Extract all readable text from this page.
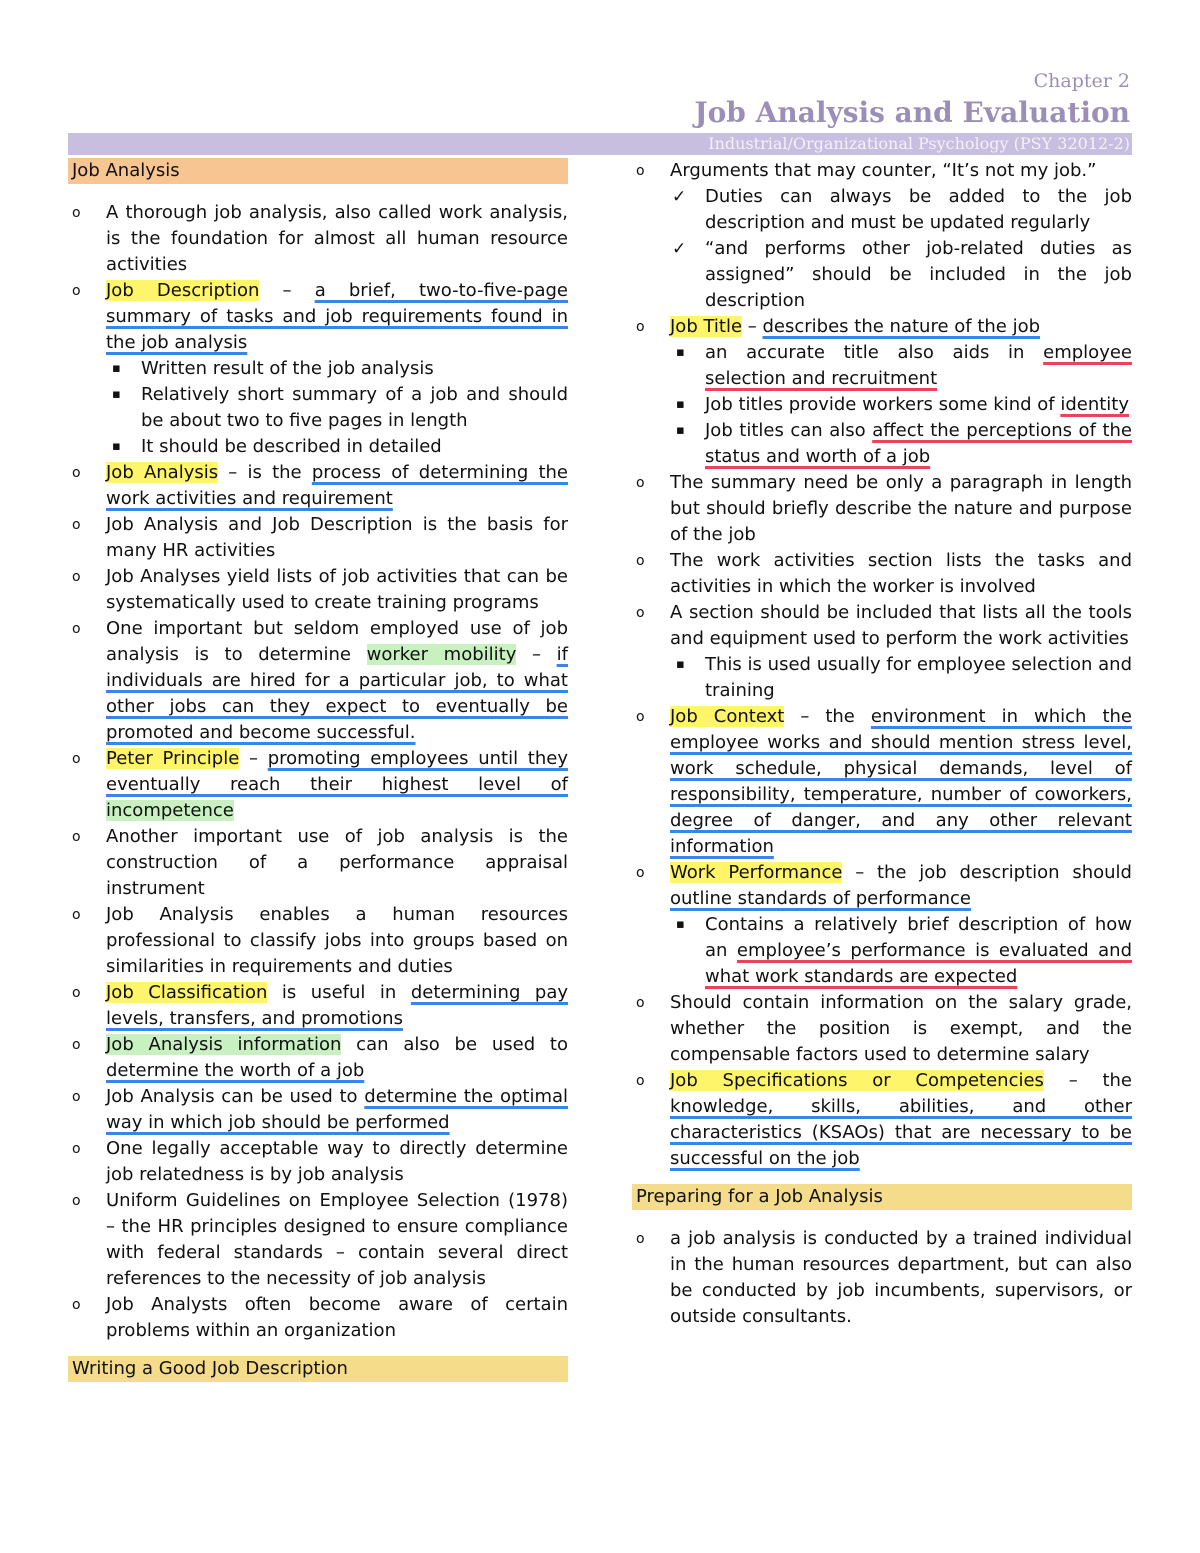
Chapter 2
Job Analysis and Evaluation
Industrial/Organizational Psychology (PSY 32012-2)
Job Analysis
o A thorough job analysis, also called work analysis, is the foundation for almost all human resource activities
o Job Description – a brief, two-to-five-page summary of tasks and job requirements found in the job analysis
▪ Written result of the job analysis
▪ Relatively short summary of a job and should be about two to five pages in length
▪ It should be described in detailed
o Job Analysis – is the process of determining the work activities and requirement
o Job Analysis and Job Description is the basis for many HR activities
o Job Analyses yield lists of job activities that can be systematically used to create training programs
o One important but seldom employed use of job analysis is to determine worker mobility – if individuals are hired for a particular job, to what other jobs can they expect to eventually be promoted and become successful.
o Peter Principle – promoting employees until they eventually reach their highest level of incompetence
o Another important use of job analysis is the construction of a performance appraisal instrument
o Job Analysis enables a human resources professional to classify jobs into groups based on similarities in requirements and duties
o Job Classification is useful in determining pay levels, transfers, and promotions
o Job Analysis information can also be used to determine the worth of a job
o Job Analysis can be used to determine the optimal way in which job should be performed
o One legally acceptable way to directly determine job relatedness is by job analysis
o Uniform Guidelines on Employee Selection (1978) – the HR principles designed to ensure compliance with federal standards – contain several direct references to the necessity of job analysis
o Job Analysts often become aware of certain problems within an organization
Writing a Good Job Description
o Arguments that may counter, “It’s not my job.”
✓ Duties can always be added to the job description and must be updated regularly
✓ “and performs other job-related duties as assigned” should be included in the job description
o Job Title – describes the nature of the job
▪ an accurate title also aids in employee selection and recruitment
▪ Job titles provide workers some kind of identity
▪ Job titles can also affect the perceptions of the status and worth of a job
o The summary need be only a paragraph in length but should briefly describe the nature and purpose of the job
o The work activities section lists the tasks and activities in which the worker is involved
o A section should be included that lists all the tools and equipment used to perform the work activities
▪ This is used usually for employee selection and training
o Job Context – the environment in which the employee works and should mention stress level, work schedule, physical demands, level of responsibility, temperature, number of coworkers, degree of danger, and any other relevant information
o Work Performance – the job description should outline standards of performance
▪ Contains a relatively brief description of how an employee’s performance is evaluated and what work standards are expected
o Should contain information on the salary grade, whether the position is exempt, and the compensable factors used to determine salary
o Job Specifications or Competencies – the knowledge, skills, abilities, and other characteristics (KSAOs) that are necessary to be successful on the job
Preparing for a Job Analysis
o a job analysis is conducted by a trained individual in the human resources department, but can also be conducted by job incumbents, supervisors, or outside consultants.
